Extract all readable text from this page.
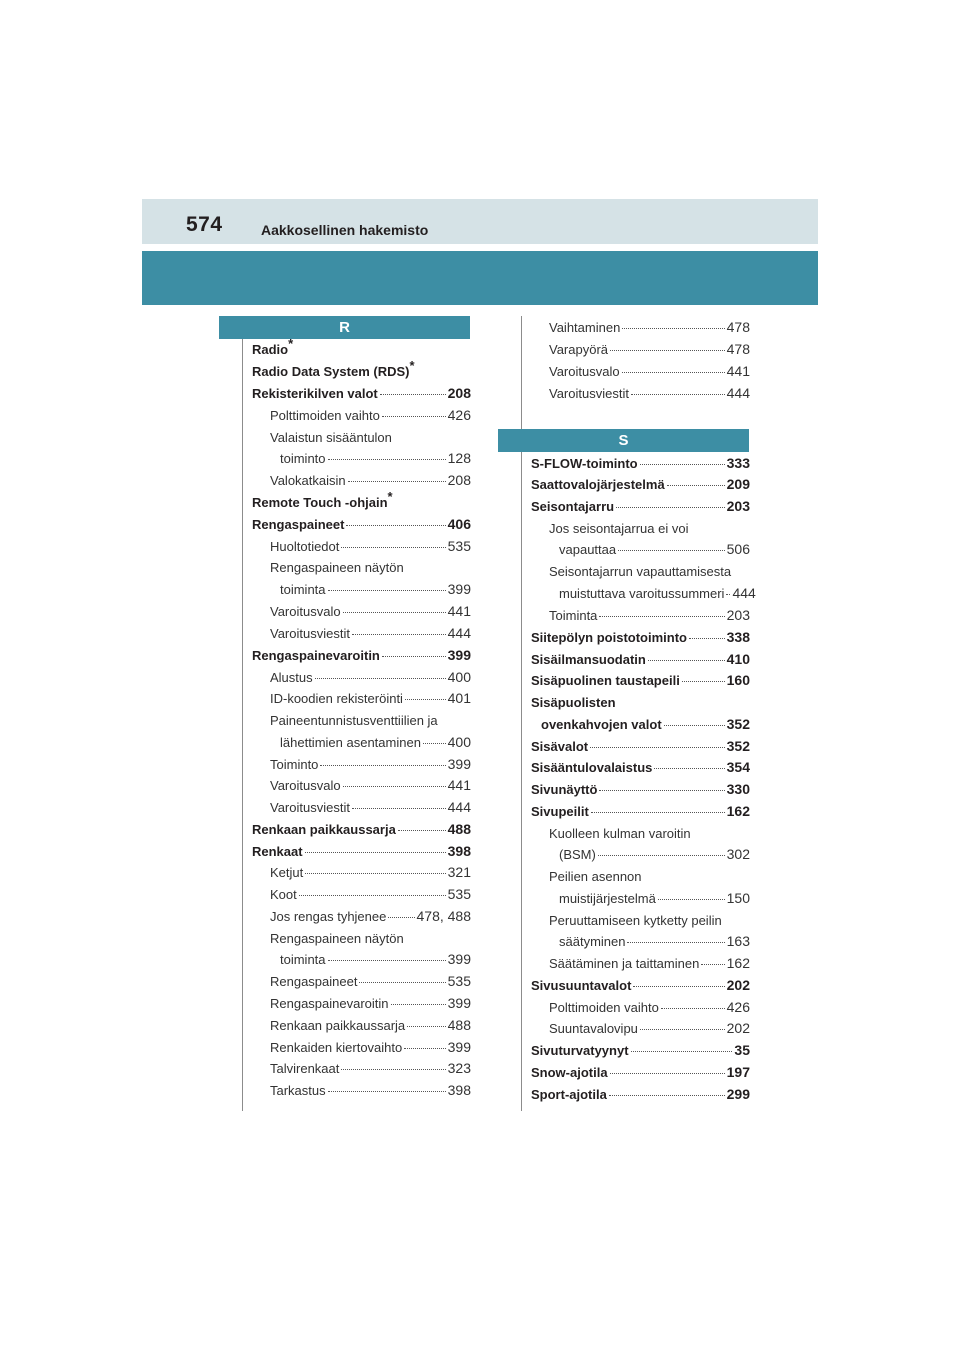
574	Aakkosellinen hakemisto
R
Radio*
Radio Data System (RDS)*
Rekisterikilven valot	208
Polttimoiden vaihto	426
Valaistun sisääntulon
toiminto	128
Valokatkaisin	208
Remote Touch -ohjain*
Rengaspaineet	406
Huoltotiedot	535
Rengaspaineen näytön
toiminta	399
Varoitusvalo	441
Varoitusviestit	444
Rengaspainevaroitin	399
Alustus	400
ID-koodien rekisteröinti	401
Paineentunnistusventtiilien ja
lähettimien asentaminen 400
Toiminto	399
Varoitusvalo	441
Varoitusviestit	444
Renkaan paikkaussarja	488
Renkaat	398
Ketjut	321
Koot	535
Jos rengas tyhjenee 478, 488
Rengaspaineen näytön
toiminta	399
Rengaspaineet	535
Rengaspainevaroitin	399
Renkaan paikkaussarja	488
Renkaiden kiertovaihto	399
Talvirenkaat	323
Tarkastus	398
Vaihtaminen	478
Varapyörä	478
Varoitusvalo	441
Varoitusviestit	444
S
S-FLOW-toiminto	333
Saattovalojärjestelmä	209
Seisontajarru	203
Jos seisontajarrua ei voi
vapauttaa	506
Seisontajarrun vapauttamisesta
muistuttava varoitussummeri 444
Toiminta	203
Siitepölyn poistotoiminto	338
Sisäilmansuodatin	410
Sisäpuolinen taustapeili	160
Sisäpuolisten
ovenkahvojen valot	352
Sisävalot	352
Sisääntulovalaistus	354
Sivunäyttö	330
Sivupeilit	162
Kuolleen kulman varoitin
(BSM)	302
Peilien asennon
muistijärjestelmä	150
Peruuttamiseen kytketty peilin
säätyminen	163
Säätäminen ja taittaminen 162
Sivusuuntavalot	202
Polttimoiden vaihto	426
Suuntavalovipu	202
Sivuturvatyynyt	35
Snow-ajotila	197
Sport-ajotila	299
